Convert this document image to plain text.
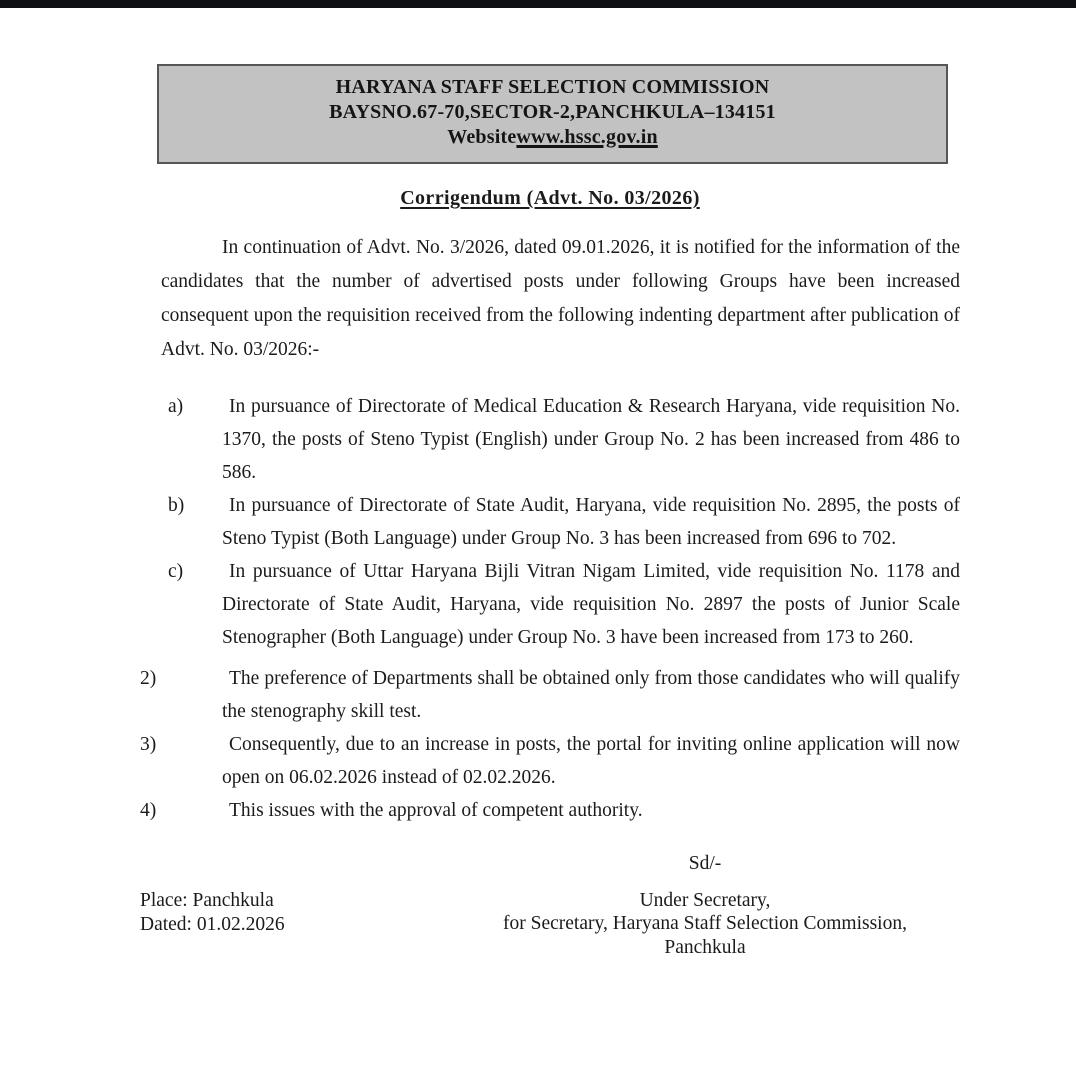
HARYANA STAFF SELECTION COMMISSION
BAYSNO.67-70,SECTOR-2,PANCHKULA–134151
Websitewww.hssc.gov.in
Corrigendum (Advt. No. 03/2026)

In continuation of Advt. No. 3/2026, dated 09.01.2026, it is notified for the information of the candidates that the number of advertised posts under following Groups have been increased consequent upon the requisition received from the following indenting department after publication of Advt. No. 03/2026:-

a)	In pursuance of Directorate of Medical Education & Research Haryana, vide requisition No. 1370, the posts of Steno Typist (English) under Group No. 2 has been increased from 486 to 586.
b)	In pursuance of Directorate of State Audit, Haryana, vide requisition No. 2895, the posts of Steno Typist (Both Language) under Group No. 3 has been increased from 696 to 702.
c)	In pursuance of Uttar Haryana Bijli Vitran Nigam Limited, vide requisition No. 1178 and Directorate of State Audit, Haryana, vide requisition No. 2897 the posts of Junior Scale Stenographer (Both Language) under Group No. 3 have been increased from 173 to 260.
2)	The preference of Departments shall be obtained only from those candidates who will qualify the stenography skill test.
3)	Consequently, due to an increase in posts, the portal for inviting online application will now open on 06.02.2026 instead of 02.02.2026.
4)	This issues with the approval of competent authority.
Sd/-
Under Secretary,
for Secretary, Haryana Staff Selection Commission,
Panchkula
Place: Panchkula
Dated: 01.02.2026
